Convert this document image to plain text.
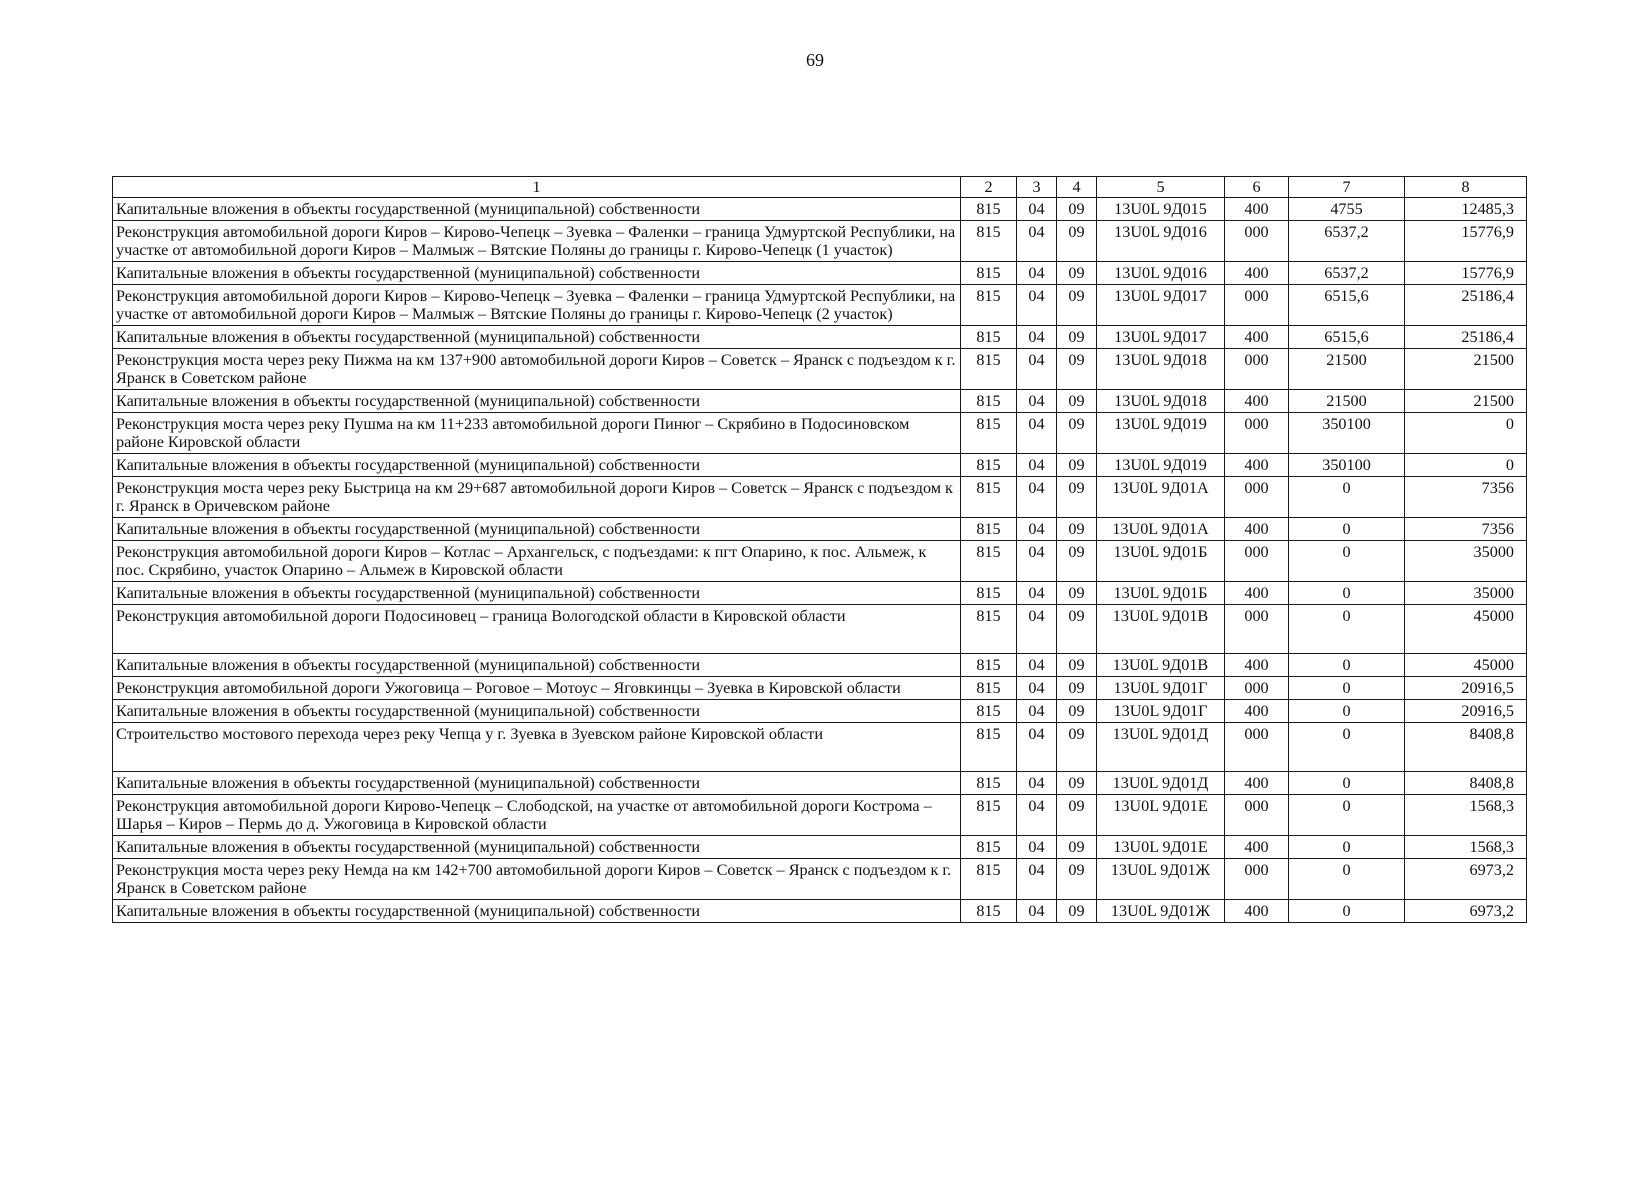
69
1	2	3	4	5	6	7	8
Капитальные вложения в объекты государственной (муниципальной) собственности	815	04	09	13U0L 9Д015	400	4755	12485,3
Реконструкция автомобильной дороги Киров – Кирово-Чепецк – Зуевка – Фаленки – граница Удмуртской Республики, на участке от автомобильной дороги Киров – Малмыж – Вятские Поляны до границы г. Кирово-Чепецк (1 участок)	815	04	09	13U0L 9Д016	000	6537,2	15776,9
Капитальные вложения в объекты государственной (муниципальной) собственности	815	04	09	13U0L 9Д016	400	6537,2	15776,9
Реконструкция автомобильной дороги Киров – Кирово-Чепецк – Зуевка – Фаленки – граница Удмуртской Республики, на участке от автомобильной дороги Киров – Малмыж – Вятские Поляны до границы г. Кирово-Чепецк (2 участок)	815	04	09	13U0L 9Д017	000	6515,6	25186,4
Капитальные вложения в объекты государственной (муниципальной) собственности	815	04	09	13U0L 9Д017	400	6515,6	25186,4
Реконструкция моста через реку Пижма на км 137+900 автомобильной дороги Киров – Советск – Яранск с подъездом к г. Яранск в Советском районе	815	04	09	13U0L 9Д018	000	21500	21500
Капитальные вложения в объекты государственной (муниципальной) собственности	815	04	09	13U0L 9Д018	400	21500	21500
Реконструкция моста через реку Пушма на км 11+233 автомобильной дороги Пинюг – Скрябино в Подосиновском районе Кировской области	815	04	09	13U0L 9Д019	000	350100	0
Капитальные вложения в объекты государственной (муниципальной) собственности	815	04	09	13U0L 9Д019	400	350100	0
Реконструкция моста через реку Быстрица на км 29+687 автомобильной дороги Киров – Советск – Яранск с подъездом к г. Яранск в Оричевском районе	815	04	09	13U0L 9Д01А	000	0	7356
Капитальные вложения в объекты государственной (муниципальной) собственности	815	04	09	13U0L 9Д01А	400	0	7356
Реконструкция автомобильной дороги Киров – Котлас – Архангельск, с подъездами: к пгт Опарино, к пос. Альмеж, к пос. Скрябино, участок Опарино – Альмеж в Кировской области	815	04	09	13U0L 9Д01Б	000	0	35000
Капитальные вложения в объекты государственной (муниципальной) собственности	815	04	09	13U0L 9Д01Б	400	0	35000
Реконструкция автомобильной дороги Подосиновец – граница Вологодской области в Кировской области	815	04	09	13U0L 9Д01В	000	0	45000
Капитальные вложения в объекты государственной (муниципальной) собственности	815	04	09	13U0L 9Д01В	400	0	45000
Реконструкция автомобильной дороги Ужоговица – Роговое – Мотоус – Яговкинцы – Зуевка в Кировской области	815	04	09	13U0L 9Д01Г	000	0	20916,5
Капитальные вложения в объекты государственной (муниципальной) собственности	815	04	09	13U0L 9Д01Г	400	0	20916,5
Строительство мостового перехода через реку Чепца у г. Зуевка в Зуевском районе Кировской области	815	04	09	13U0L 9Д01Д	000	0	8408,8
Капитальные вложения в объекты государственной (муниципальной) собственности	815	04	09	13U0L 9Д01Д	400	0	8408,8
Реконструкция автомобильной дороги Кирово-Чепецк – Слободской, на участке от автомобильной дороги Кострома – Шарья – Киров – Пермь до д. Ужоговица в Кировской области	815	04	09	13U0L 9Д01Е	000	0	1568,3
Капитальные вложения в объекты государственной (муниципальной) собственности	815	04	09	13U0L 9Д01Е	400	0	1568,3
Реконструкция моста через реку Немда на км 142+700 автомобильной дороги Киров – Советск – Яранск с подъездом к г. Яранск в Советском районе	815	04	09	13U0L 9Д01Ж	000	0	6973,2
Капитальные вложения в объекты государственной (муниципальной) собственности	815	04	09	13U0L 9Д01Ж	400	0	6973,2
